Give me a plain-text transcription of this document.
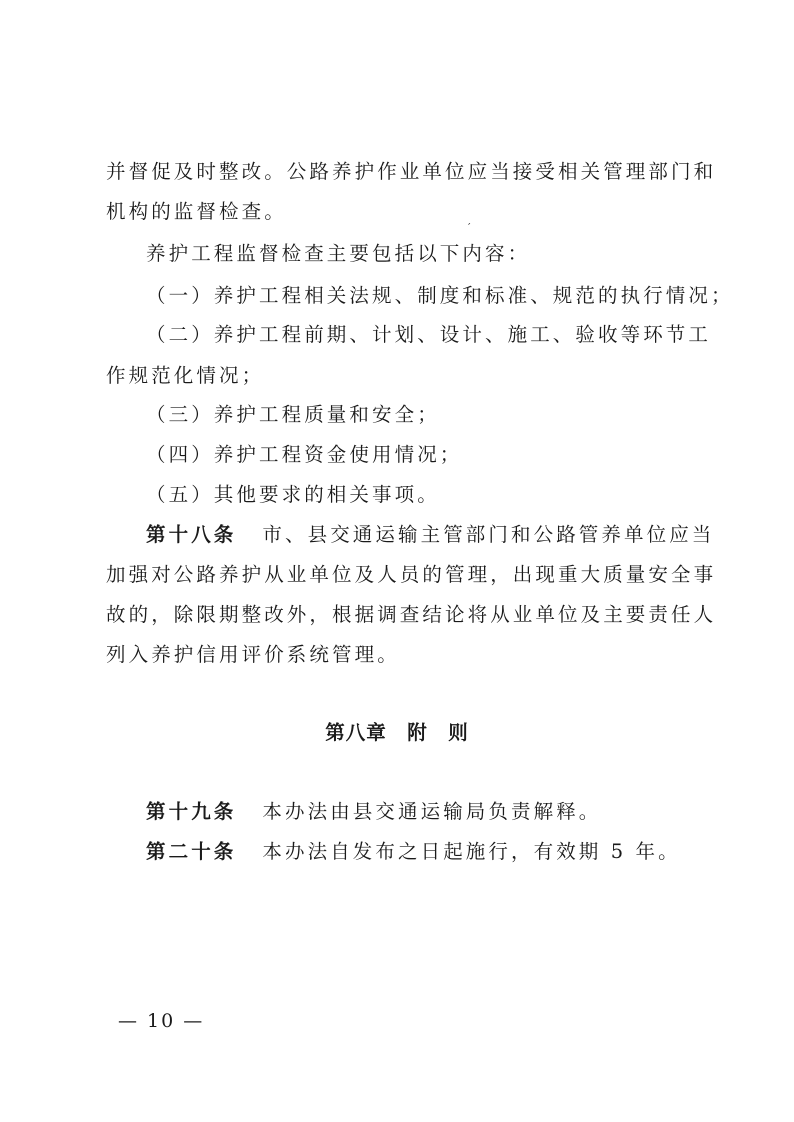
并督促及时整改。公路养护作业单位应当接受相关管理部门和
机构的监督检查。
′
养护工程监督检查主要包括以下内容：
（一）养护工程相关法规、制度和标准、规范的执行情况；
（二）养护工程前期、计划、设计、施工、验收等环节工
作规范化情况；
（三）养护工程质量和安全；
（四）养护工程资金使用情况；
（五）其他要求的相关事项。
第十八条 市、县交通运输主管部门和公路管养单位应当
加强对公路养护从业单位及人员的管理，出现重大质量安全事
故的，除限期整改外，根据调查结论将从业单位及主要责任人
列入养护信用评价系统管理。
第八章　附　则
第十九条 本办法由县交通运输局负责解释。
第二十条 本办法自发布之日起施行，有效期 5 年。
— 10 —
